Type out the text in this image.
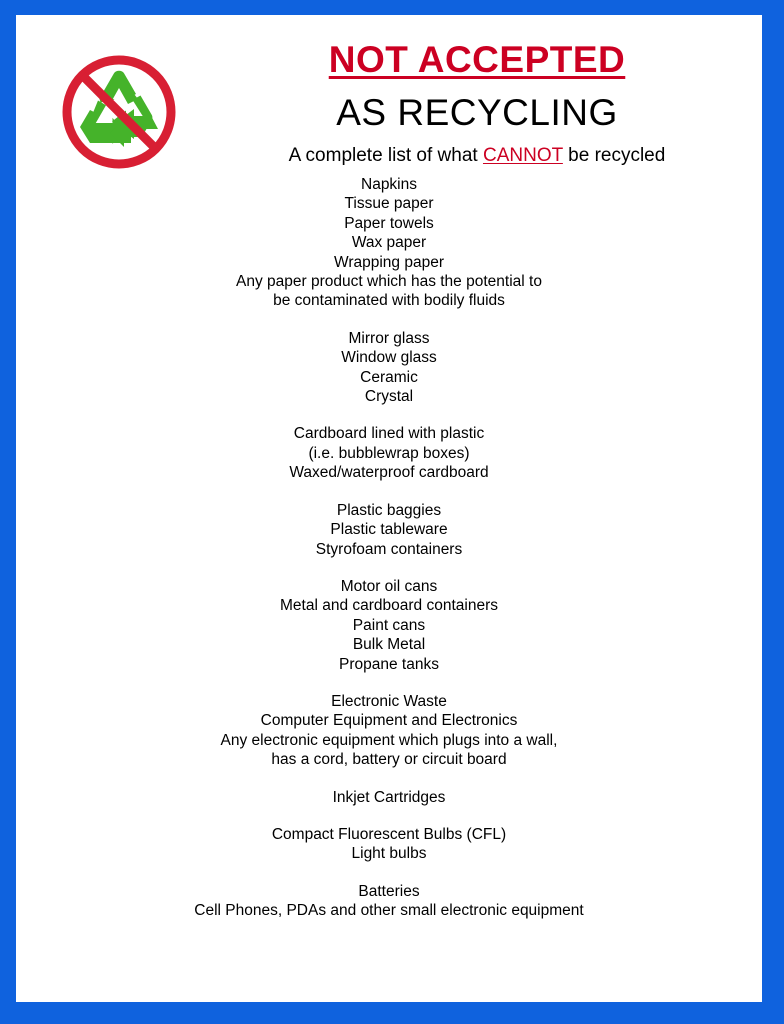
NOT ACCEPTED
AS RECYCLING

A complete list of what CANNOT be recycled

Napkins
Tissue paper
Paper towels
Wax paper
Wrapping paper
Any paper product which has the potential to
be contaminated with bodily fluids
Mirror glass
Window glass
Ceramic
Crystal
Cardboard lined with plastic
(i.e. bubblewrap boxes)
Waxed/waterproof cardboard
Plastic baggies
Plastic tableware
Styrofoam containers
Motor oil cans
Metal and cardboard containers
Paint cans
Bulk Metal
Propane tanks
Electronic Waste
Computer Equipment and Electronics
Any electronic equipment which plugs into a wall,
has a cord, battery or circuit board
Inkjet Cartridges
Compact Fluorescent Bulbs (CFL)
Light bulbs
Batteries
Cell Phones, PDAs and other small electronic equipment
